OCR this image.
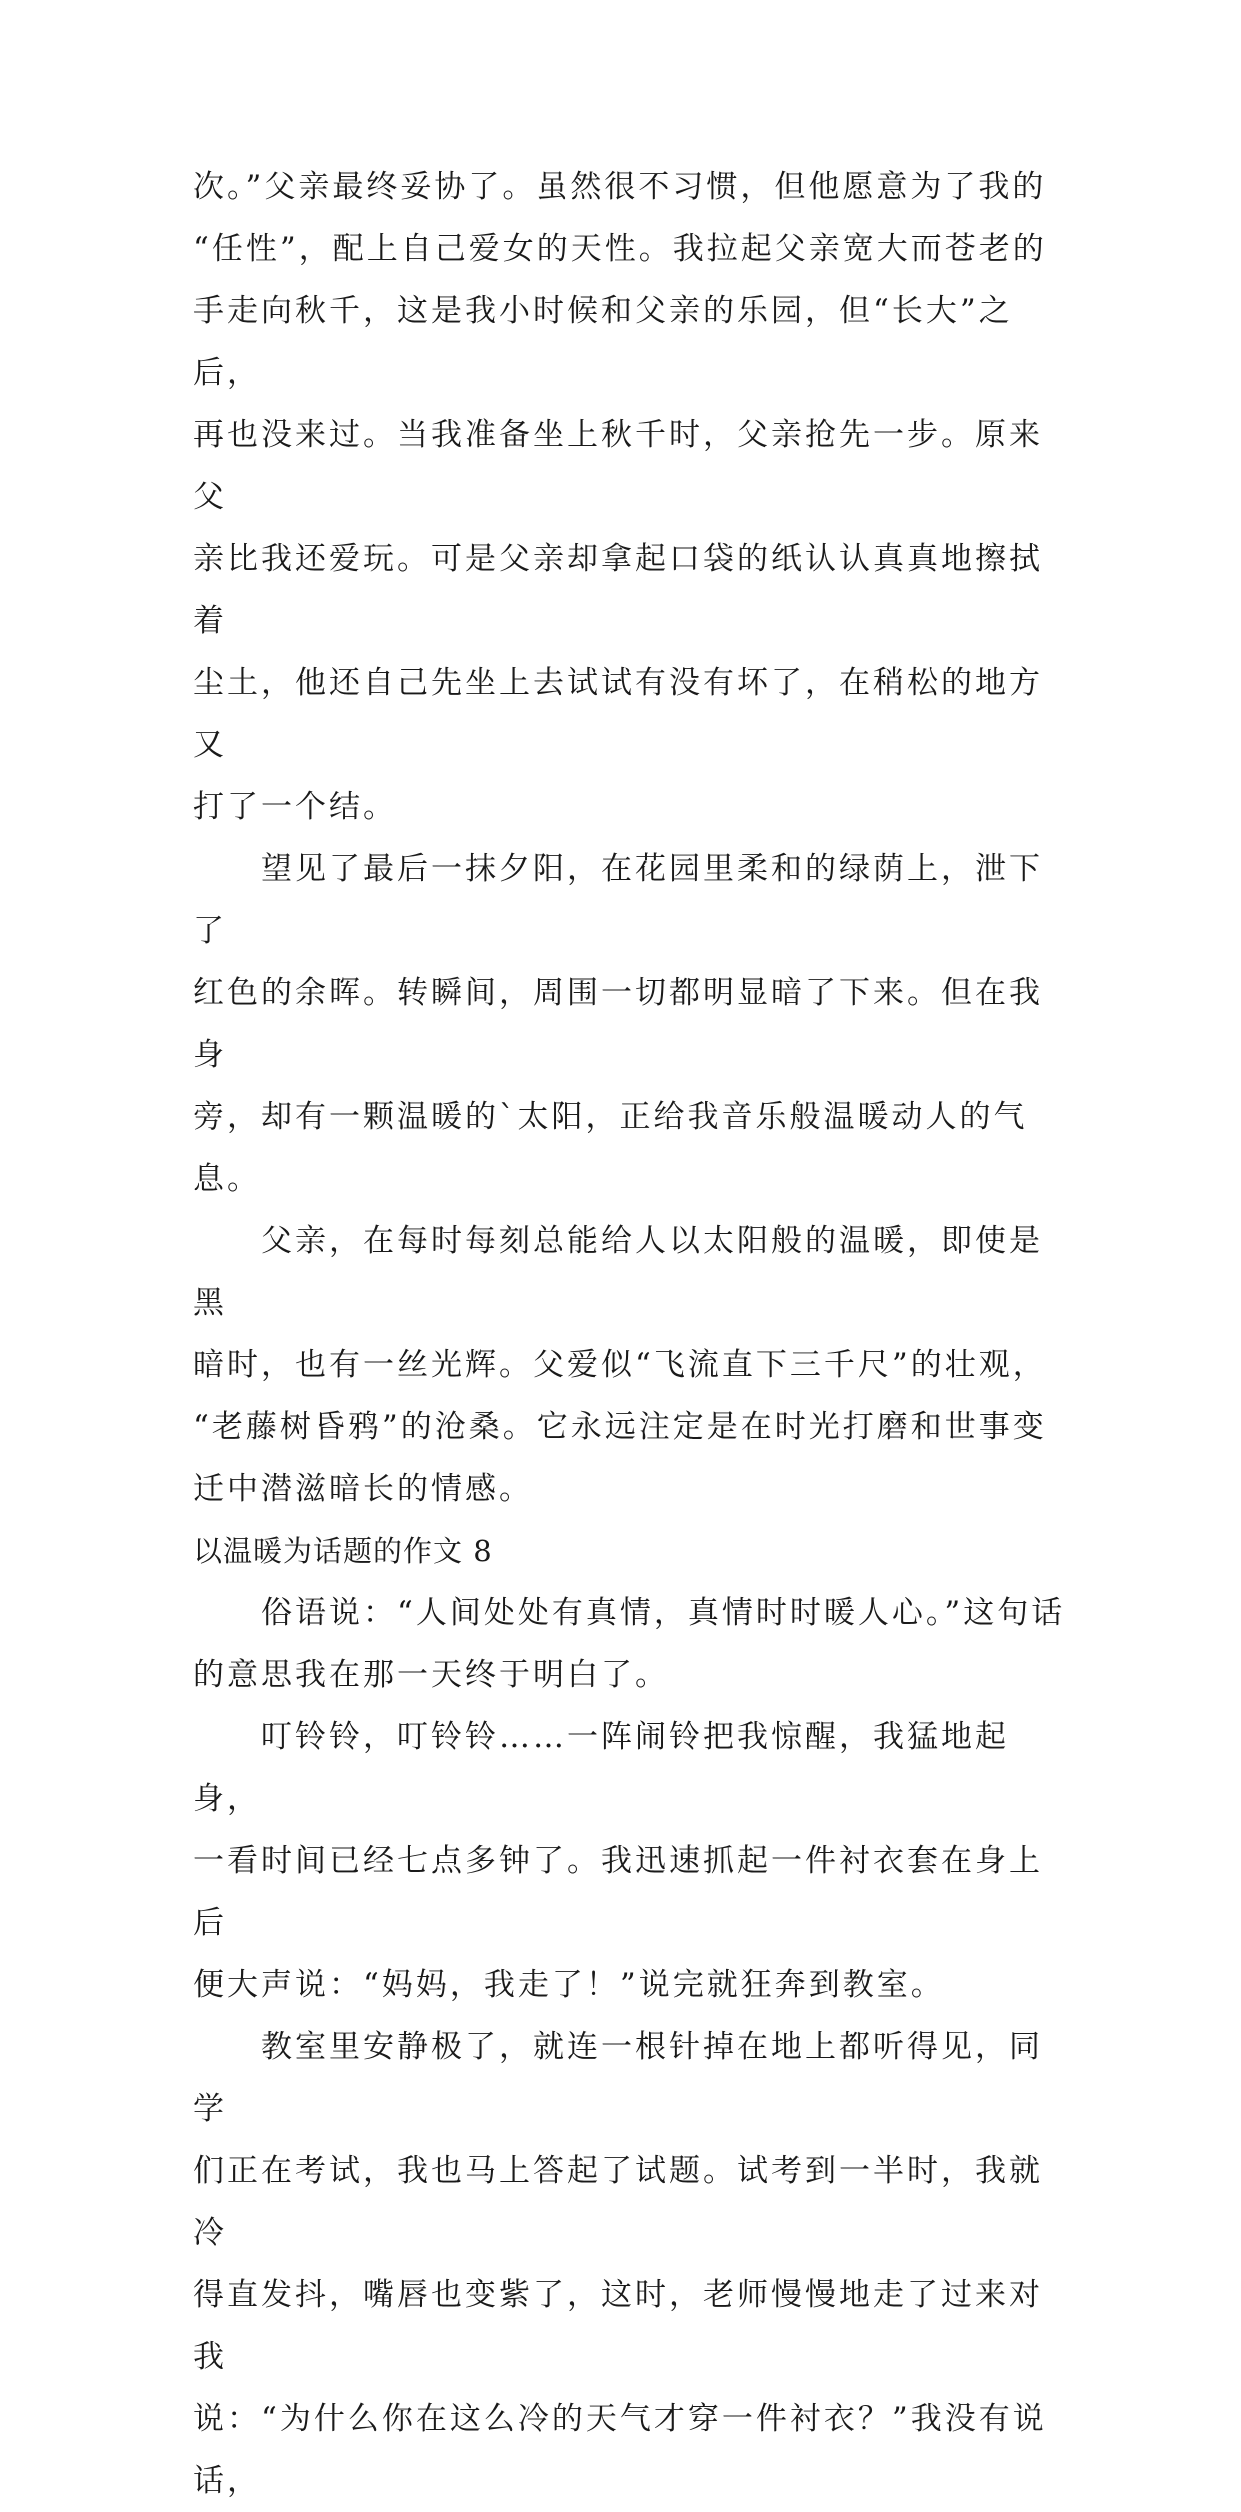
次。”父亲最终妥协了。虽然很不习惯，但他愿意为了我的

“任性”，配上自己爱女的天性。我拉起父亲宽大而苍老的

手走向秋千，这是我小时候和父亲的乐园，但“长大”之后，

再也没来过。当我准备坐上秋千时，父亲抢先一步。原来父

亲比我还爱玩。可是父亲却拿起口袋的纸认认真真地擦拭着

尘土，他还自己先坐上去试试有没有坏了，在稍松的地方又

打了一个结。

　　望见了最后一抹夕阳，在花园里柔和的绿荫上，泄下了

红色的余晖。转瞬间，周围一切都明显暗了下来。但在我身

旁，却有一颗温暖的`太阳，正给我音乐般温暖动人的气息。

　　父亲，在每时每刻总能给人以太阳般的温暖，即使是黑

暗时，也有一丝光辉。父爱似“飞流直下三千尺”的壮观，

“老藤树昏鸦”的沧桑。它永远注定是在时光打磨和世事变

迁中潜滋暗长的情感。

以温暖为话题的作文 8

　　俗语说：“人间处处有真情，真情时时暖人心。”这句话

的意思我在那一天终于明白了。

　　叮铃铃，叮铃铃……一阵闹铃把我惊醒，我猛地起身，

一看时间已经七点多钟了。我迅速抓起一件衬衣套在身上后

便大声说：“妈妈，我走了！”说完就狂奔到教室。

　　教室里安静极了，就连一根针掉在地上都听得见，同学

们正在考试，我也马上答起了试题。试考到一半时，我就冷

得直发抖，嘴唇也变紫了，这时，老师慢慢地走了过来对我

说：“为什么你在这么冷的天气才穿一件衬衣？”我没有说话，
